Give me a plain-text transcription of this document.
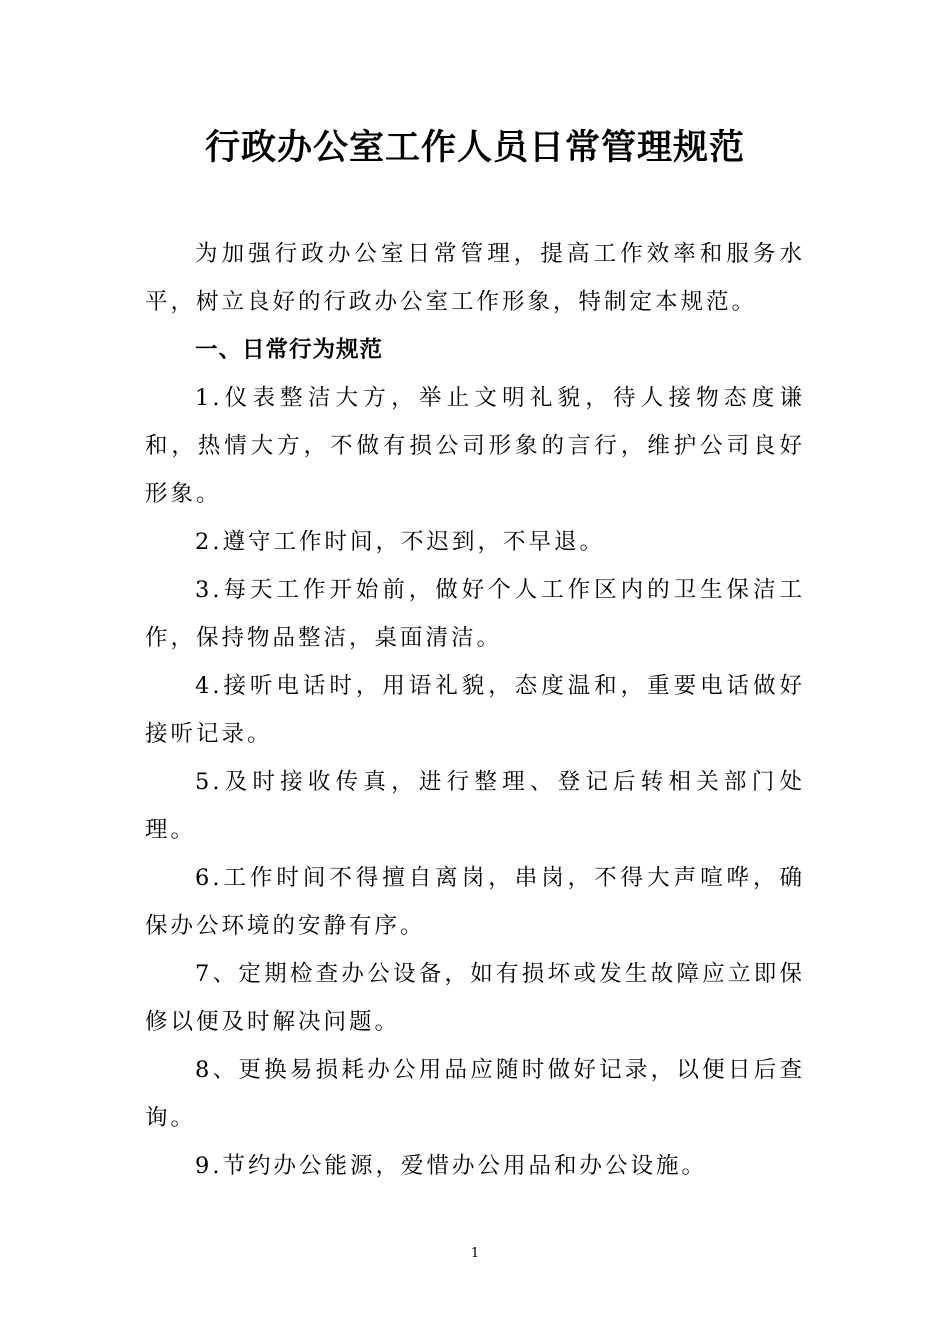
行政办公室工作人员日常管理规范

为加强行政办公室日常管理，提高工作效率和服务水平，树立良好的行政办公室工作形象，特制定本规范。

一、日常行为规范

1.仪表整洁大方，举止文明礼貌，待人接物态度谦和，热情大方，不做有损公司形象的言行，维护公司良好形象。

2.遵守工作时间，不迟到，不早退。

3.每天工作开始前，做好个人工作区内的卫生保洁工作，保持物品整洁，桌面清洁。

4.接听电话时，用语礼貌，态度温和，重要电话做好接听记录。

5.及时接收传真，进行整理、登记后转相关部门处理。

6.工作时间不得擅自离岗，串岗，不得大声喧哗，确保办公环境的安静有序。

7、定期检查办公设备，如有损坏或发生故障应立即保修以便及时解决问题。

8、更换易损耗办公用品应随时做好记录，以便日后查询。

9.节约办公能源，爱惜办公用品和办公设施。

1
